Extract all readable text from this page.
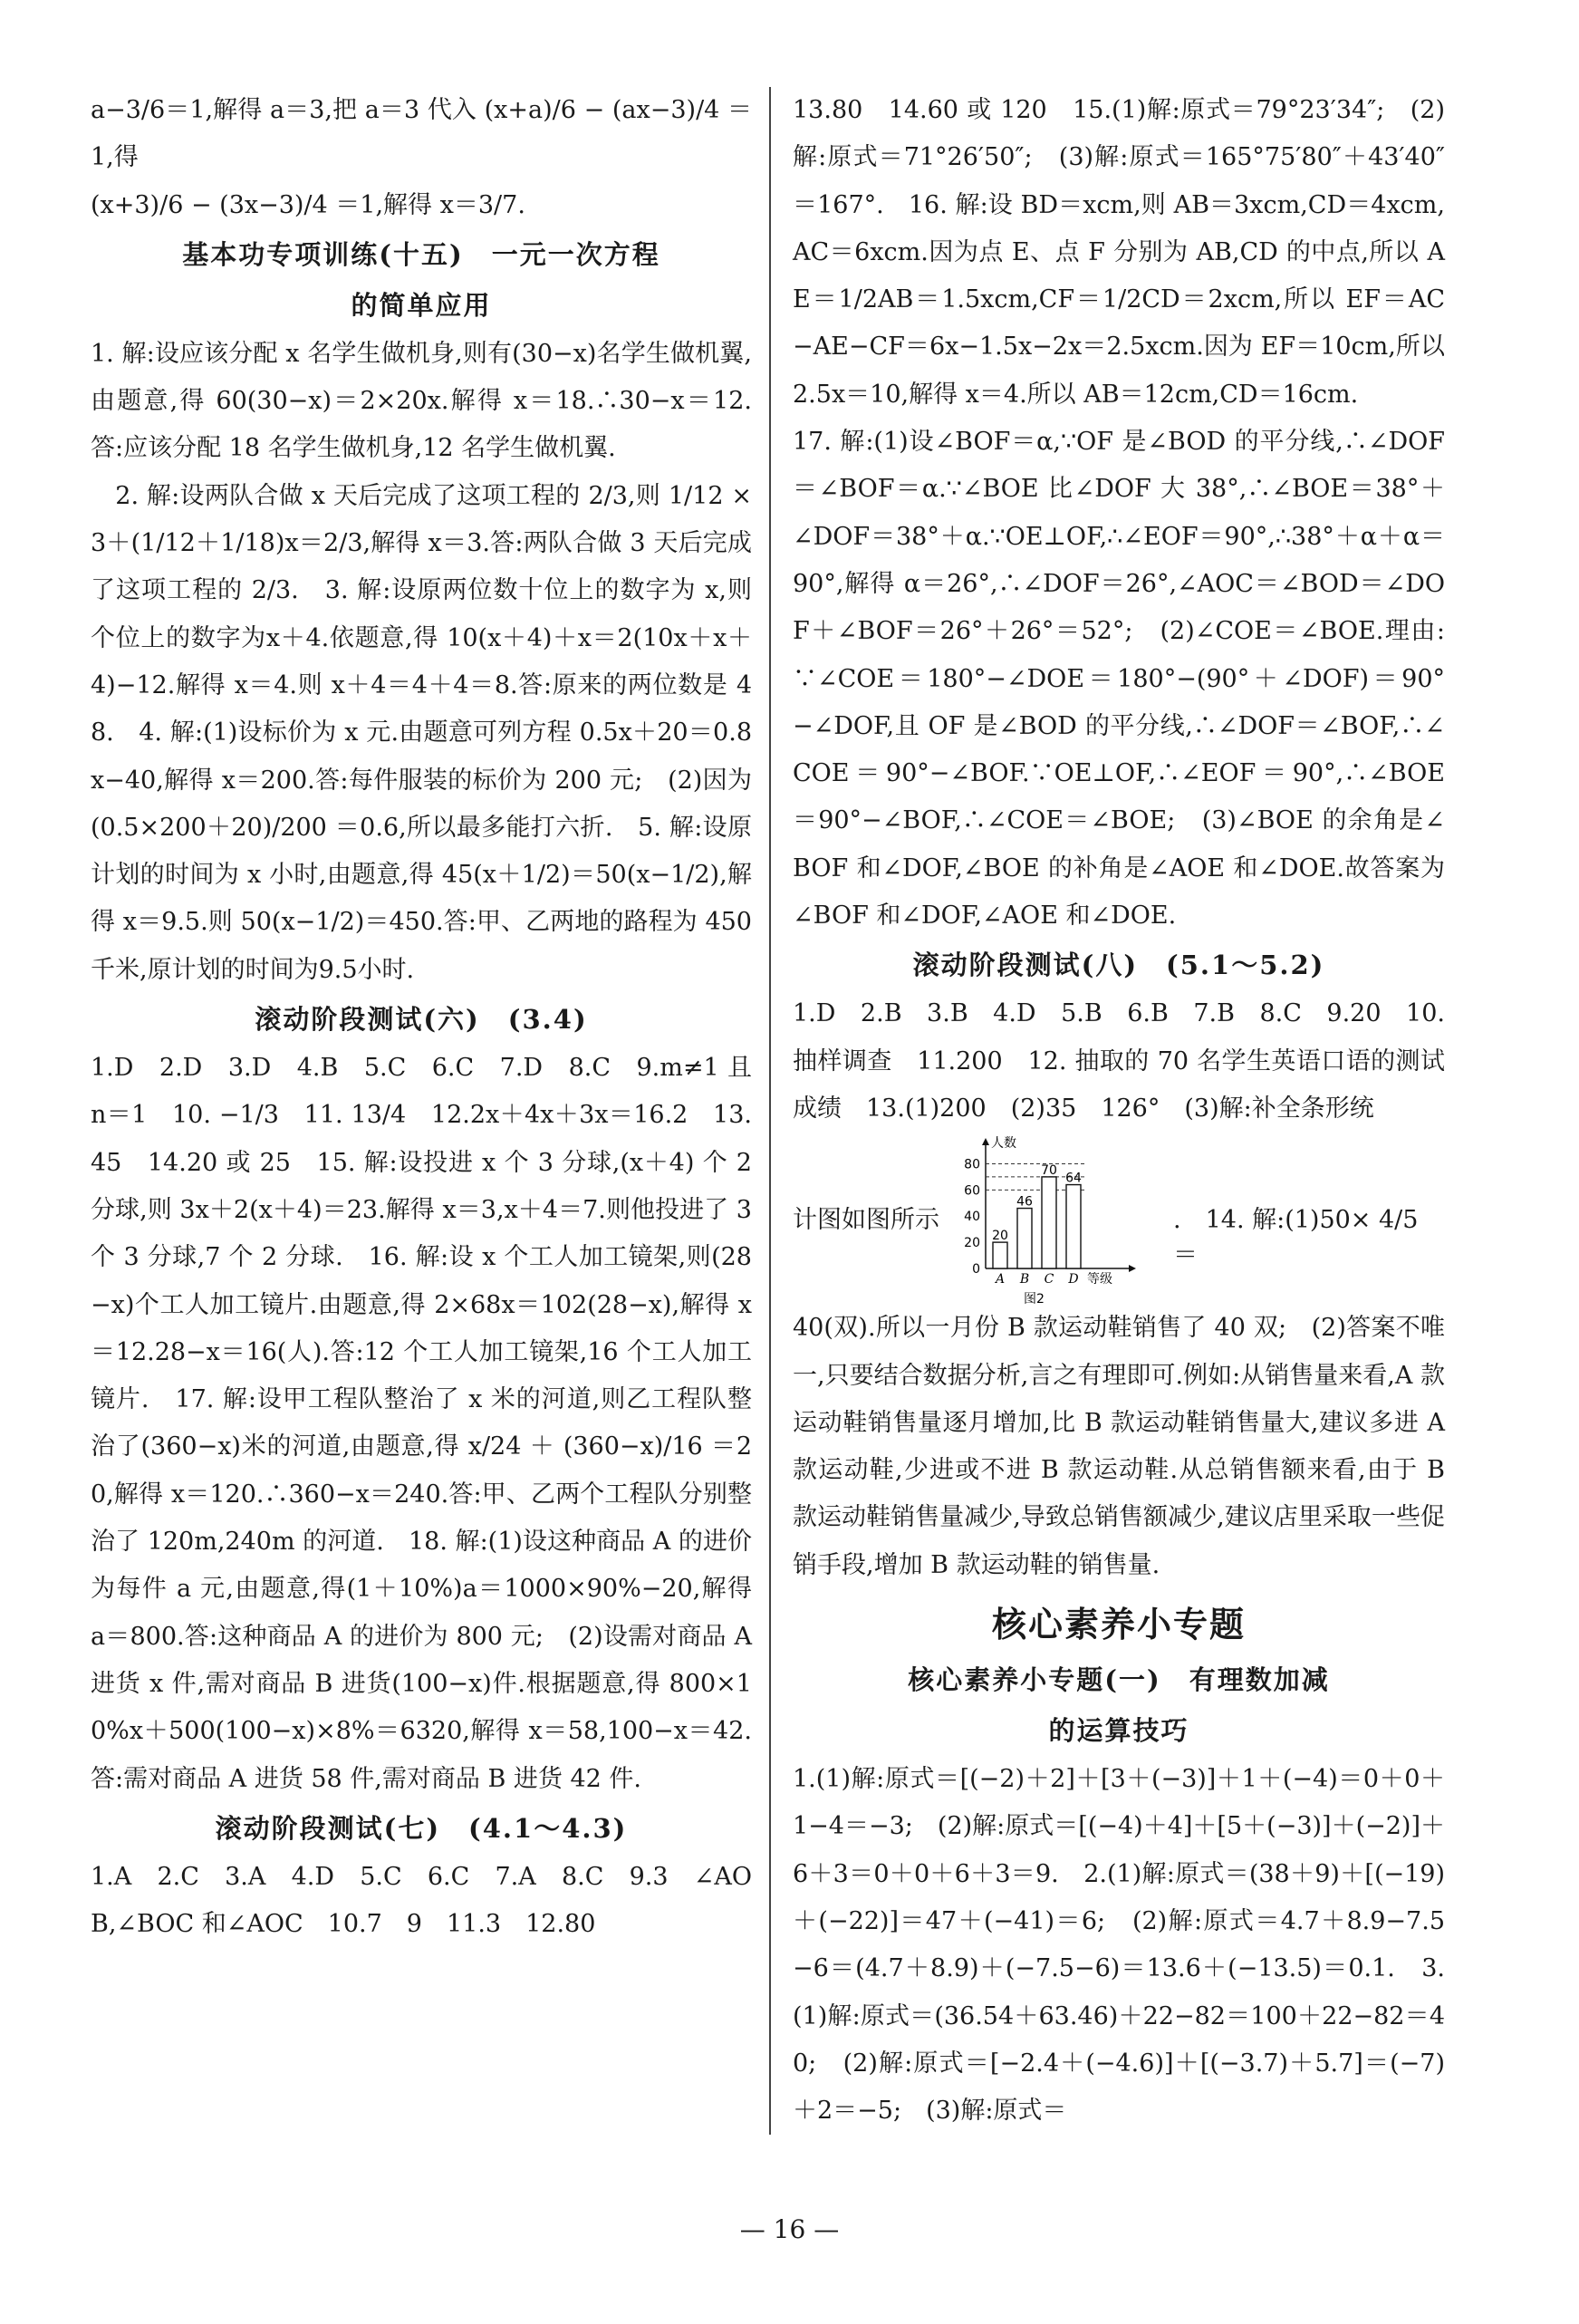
a−3/6＝1,解得 a＝3,把 a＝3 代入 (x+a)/6 − (ax−3)/4 ＝1,得
(x+3)/6 − (3x−3)/4 ＝1,解得 x＝3/7.
基本功专项训练(十五)　一元一次方程
的简单应用
1. 解:设应该分配 x 名学生做机身,则有(30−x)名学生做机翼,由题意,得 60(30−x)＝2×20x.解得 x＝18.∴30−x＝12.答:应该分配 18 名学生做机身,12 名学生做机翼.
　2. 解:设两队合做 x 天后完成了这项工程的 2/3,则 1/12 × 3＋(1/12＋1/18)x＝2/3,解得 x＝3.答:两队合做 3 天后完成了这项工程的 2/3.　3. 解:设原两位数十位上的数字为 x,则个位上的数字为x＋4.依题意,得 10(x＋4)＋x＝2(10x＋x＋4)−12.解得 x＝4.则 x＋4＝4＋4＝8.答:原来的两位数是 48.　4. 解:(1)设标价为 x 元.由题意可列方程 0.5x＋20＝0.8x−40,解得 x＝200.答:每件服装的标价为 200 元;　(2)因为 (0.5×200＋20)/200 ＝0.6,所以最多能打六折.　5. 解:设原计划的时间为 x 小时,由题意,得 45(x＋1/2)＝50(x−1/2),解得 x＝9.5.则 50(x−1/2)＝450.答:甲、乙两地的路程为 450 千米,原计划的时间为9.5小时.
滚动阶段测试(六)　(3.4)
1.D　2.D　3.D　4.B　5.C　6.C　7.D　8.C　9.m≠1 且 n＝1　10. −1/3　11. 13/4　12.2x＋4x＋3x＝16.2　13.45　14.20 或 25　15. 解:设投进 x 个 3 分球,(x＋4) 个 2 分球,则 3x＋2(x＋4)＝23.解得 x＝3,x＋4＝7.则他投进了 3 个 3 分球,7 个 2 分球.　16. 解:设 x 个工人加工镜架,则(28−x)个工人加工镜片.由题意,得 2×68x＝102(28−x),解得 x＝12.28−x＝16(人).答:12 个工人加工镜架,16 个工人加工镜片.　17. 解:设甲工程队整治了 x 米的河道,则乙工程队整治了(360−x)米的河道,由题意,得 x/24 ＋ (360−x)/16 ＝20,解得 x＝120.∴360−x＝240.答:甲、乙两个工程队分别整治了 120m,240m 的河道.　18. 解:(1)设这种商品 A 的进价为每件 a 元,由题意,得(1＋10%)a＝1000×90%−20,解得 a＝800.答:这种商品 A 的进价为 800 元;　(2)设需对商品 A 进货 x 件,需对商品 B 进货(100−x)件.根据题意,得 800×10%x＋500(100−x)×8%＝6320,解得 x＝58,100−x＝42.答:需对商品 A 进货 58 件,需对商品 B 进货 42 件.
滚动阶段测试(七)　(4.1～4.3)
1.A　2.C　3.A　4.D　5.C　6.C　7.A　8.C　9.3　∠AOB,∠BOC 和∠AOC　10.7　9　11.3　12.80
13.80　14.60 或 120　15.(1)解:原式＝79°23′34″;　(2)解:原式＝71°26′50″;　(3)解:原式＝165°75′80″＋43′40″＝167°.　16. 解:设 BD＝xcm,则 AB＝3xcm,CD＝4xcm,AC＝6xcm.因为点 E、点 F 分别为 AB,CD 的中点,所以 AE＝1/2AB＝1.5xcm,CF＝1/2CD＝2xcm,所以 EF＝AC−AE−CF＝6x−1.5x−2x＝2.5xcm.因为 EF＝10cm,所以 2.5x＝10,解得 x＝4.所以 AB＝12cm,CD＝16cm.
17. 解:(1)设∠BOF＝α,∵OF 是∠BOD 的平分线,∴∠DOF＝∠BOF＝α.∵∠BOE 比∠DOF 大 38°,∴∠BOE＝38°＋∠DOF＝38°＋α.∵OE⊥OF,∴∠EOF＝90°,∴38°＋α＋α＝90°,解得 α＝26°,∴∠DOF＝26°,∠AOC＝∠BOD＝∠DOF＋∠BOF＝26°＋26°＝52°;　(2)∠COE＝∠BOE.理由:∵∠COE＝180°−∠DOE＝180°−(90°＋∠DOF)＝90°−∠DOF,且 OF 是∠BOD 的平分线,∴∠DOF＝∠BOF,∴∠COE＝90°−∠BOF.∵OE⊥OF,∴∠EOF＝90°,∴∠BOE＝90°−∠BOF,∴∠COE＝∠BOE;　(3)∠BOE 的余角是∠BOF 和∠DOF,∠BOE 的补角是∠AOE 和∠DOE.故答案为∠BOF 和∠DOF,∠AOE 和∠DOE.
滚动阶段测试(八)　(5.1～5.2)
1.D　2.B　3.B　4.D　5.B　6.B　7.B　8.C　9.20　10. 抽样调查　11.200　12. 抽取的 70 名学生英语口语的测试成绩　13.(1)200　(2)35　126°　(3)解:补全条形统
计图如图所示
人数
0
20
40
60
80
20
A
46
B
70
C
64
D 等级
图2
.　14. 解:(1)50× 4/5 ＝
40(双).所以一月份 B 款运动鞋销售了 40 双;　(2)答案不唯一,只要结合数据分析,言之有理即可.例如:从销售量来看,A 款运动鞋销售量逐月增加,比 B 款运动鞋销售量大,建议多进 A 款运动鞋,少进或不进 B 款运动鞋.从总销售额来看,由于 B 款运动鞋销售量减少,导致总销售额减少,建议店里采取一些促销手段,增加 B 款运动鞋的销售量.
核心素养小专题
核心素养小专题(一)　有理数加减
的运算技巧
1.(1)解:原式＝[(−2)＋2]＋[3＋(−3)]＋1＋(−4)＝0＋0＋1−4＝−3;　(2)解:原式＝[(−4)＋4]＋[5＋(−3)]＋(−2)]＋6＋3＝0＋0＋6＋3＝9.　2.(1)解:原式＝(38＋9)＋[(−19)＋(−22)]＝47＋(−41)＝6;　(2)解:原式＝4.7＋8.9−7.5−6＝(4.7＋8.9)＋(−7.5−6)＝13.6＋(−13.5)＝0.1.　3.(1)解:原式＝(36.54＋63.46)＋22−82＝100＋22−82＝40;　(2)解:原式＝[−2.4＋(−4.6)]＋[(−3.7)＋5.7]＝(−7)＋2＝−5;　(3)解:原式＝
— 16 —
